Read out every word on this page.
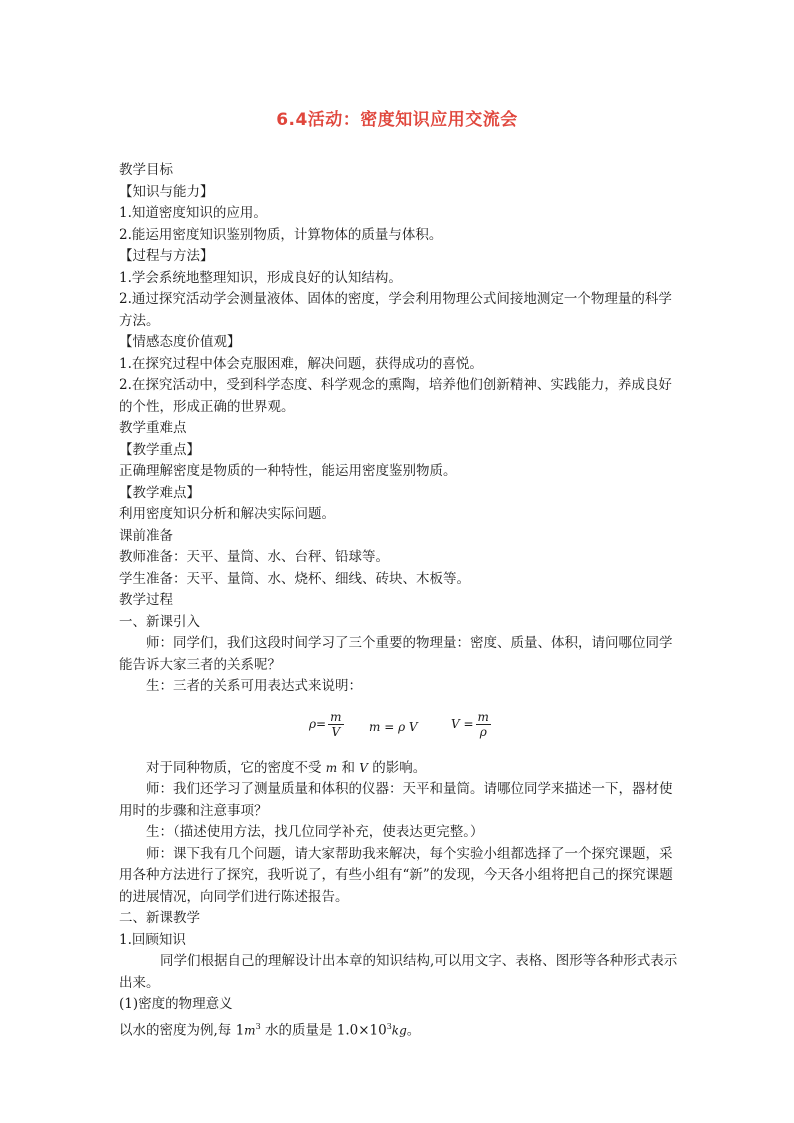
6.4活动：密度知识应用交流会

教学目标

【知识与能力】

1.知道密度知识的应用。

2.能运用密度知识鉴别物质，计算物体的质量与体积。

【过程与方法】

1.学会系统地整理知识，形成良好的认知结构。

2.通过探究活动学会测量液体、固体的密度，学会利用物理公式间接地测定一个物理量的科学方法。

【情感态度价值观】

1.在探究过程中体会克服困难，解决问题，获得成功的喜悦。

2.在探究活动中，受到科学态度、科学观念的熏陶，培养他们创新精神、实践能力，养成良好的个性，形成正确的世界观。

教学重难点

【教学重点】

正确理解密度是物质的一种特性，能运用密度鉴别物质。

【教学难点】

利用密度知识分析和解决实际问题。

课前准备

教师准备：天平、量筒、水、台秤、铅球等。

学生准备：天平、量筒、水、烧杯、细线、砖块、木板等。

教学过程

一、新课引入

师：同学们，我们这段时间学习了三个重要的物理量：密度、质量、体积，请问哪位同学能告诉大家三者的关系呢？

生：三者的关系可用表达式来说明：

$\rho= \frac{m}{V}$ m = ρ V	$V = \frac{m}{\rho}$

对于同种物质，它的密度不受 m 和 V 的影响。

师：我们还学习了测量质量和体积的仪器：天平和量筒。请哪位同学来描述一下，器材使用时的步骤和注意事项？

生：（描述使用方法，找几位同学补充，使表达更完整。）

师：课下我有几个问题，请大家帮助我来解决，每个实验小组都选择了一个探究课题，采用各种方法进行了探究，我听说了，有些小组有“新”的发现，今天各小组将把自己的探究课题的进展情况，向同学们进行陈述报告。

二、新课教学

1.回顾知识

同学们根据自己的理解设计出本章的知识结构,可以用文字、表格、图形等各种形式表示出来。

(1)密度的物理意义

以水的密度为例,每 $1m^3$ 水的质量是 $1.0\times 10^3kg$。
